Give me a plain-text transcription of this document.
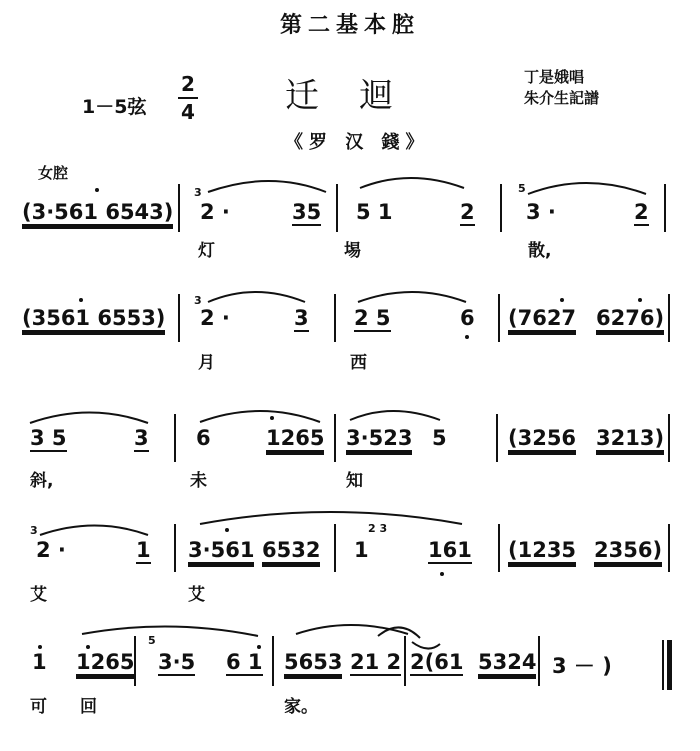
第二基本腔
1－5弦
2
4	迁迴	丁是娥唱
朱介生記譜
《罗 汉 錢》
女腔
(3·561 6543)
3
2 ·	35 5 1	2
5
3 ·	2
灯	埸	散,
(3561 6553)
3
2 ·	3 2 5	6 (7627 6276)
月	西
3 5	3 6	1265 3·523 5	(3256 3213)
斜,	未	知
3
2 ·	1 3·561 6532
2 3
1	161 (1235 2356)
艾	艾
1 1265
5
3·5 6 1 5653 21 2 2(61 5324 3 － )
可 回	家。
